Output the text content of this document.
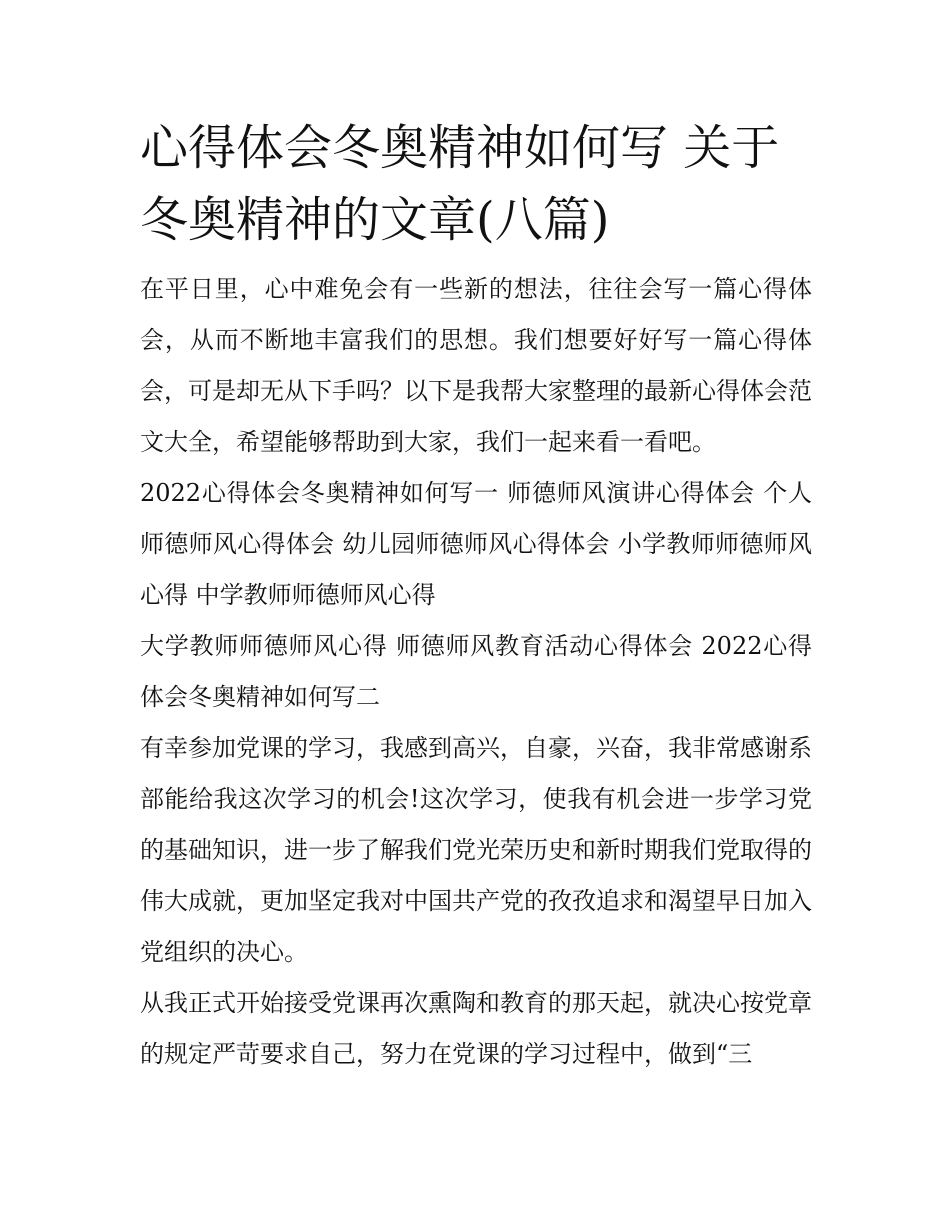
心得体会冬奥精神如何写 关于冬奥精神的文章(八篇)

在平日里，心中难免会有一些新的想法，往往会写一篇心得体会，从而不断地丰富我们的思想。我们想要好好写一篇心得体会，可是却无从下手吗？以下是我帮大家整理的最新心得体会范文大全，希望能够帮助到大家，我们一起来看一看吧。

2022心得体会冬奥精神如何写一 师德师风演讲心得体会 个人师德师风心得体会 幼儿园师德师风心得体会 小学教师师德师风心得 中学教师师德师风心得

大学教师师德师风心得 师德师风教育活动心得体会 2022心得体会冬奥精神如何写二

有幸参加党课的学习，我感到高兴，自豪，兴奋，我非常感谢系部能给我这次学习的机会!这次学习，使我有机会进一步学习党的基础知识，进一步了解我们党光荣历史和新时期我们党取得的伟大成就，更加坚定我对中国共产党的孜孜追求和渴望早日加入党组织的决心。

从我正式开始接受党课再次熏陶和教育的那天起，就决心按党章的规定严苛要求自己，努力在党课的学习过程中，做到“三
